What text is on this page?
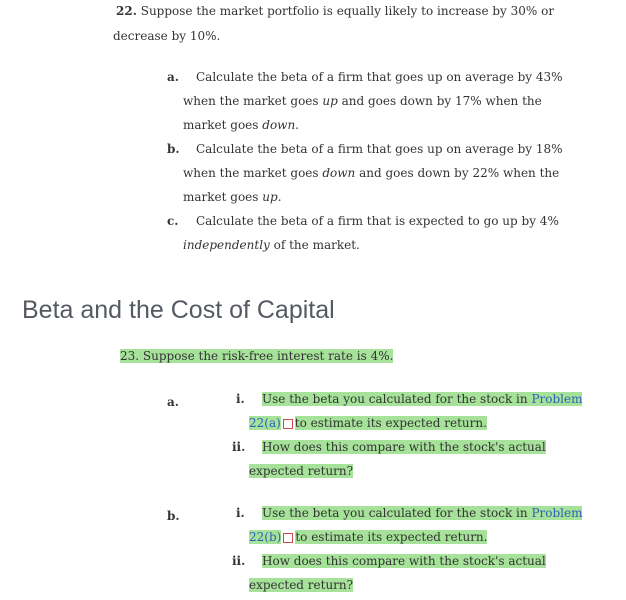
22. Suppose the market portfolio is equally likely to increase by 30% or
decrease by 10%.
a. Calculate the beta of a firm that goes up on average by 43%
when the market goes up and goes down by 17% when the
market goes down.
b. Calculate the beta of a firm that goes up on average by 18%
when the market goes down and goes down by 22% when the
market goes up.
c. Calculate the beta of a firm that is expected to go up by 4%
independently of the market.
Beta and the Cost of Capital
23. Suppose the risk-free interest rate is 4%.
a.	i. Use the beta you calculated for the stock in Problem
22(a) to estimate its expected return.
ii. How does this compare with the stock's actual
expected return?
b.	i. Use the beta you calculated for the stock in Problem
22(b) to estimate its expected return.
ii. How does this compare with the stock's actual
expected return?
